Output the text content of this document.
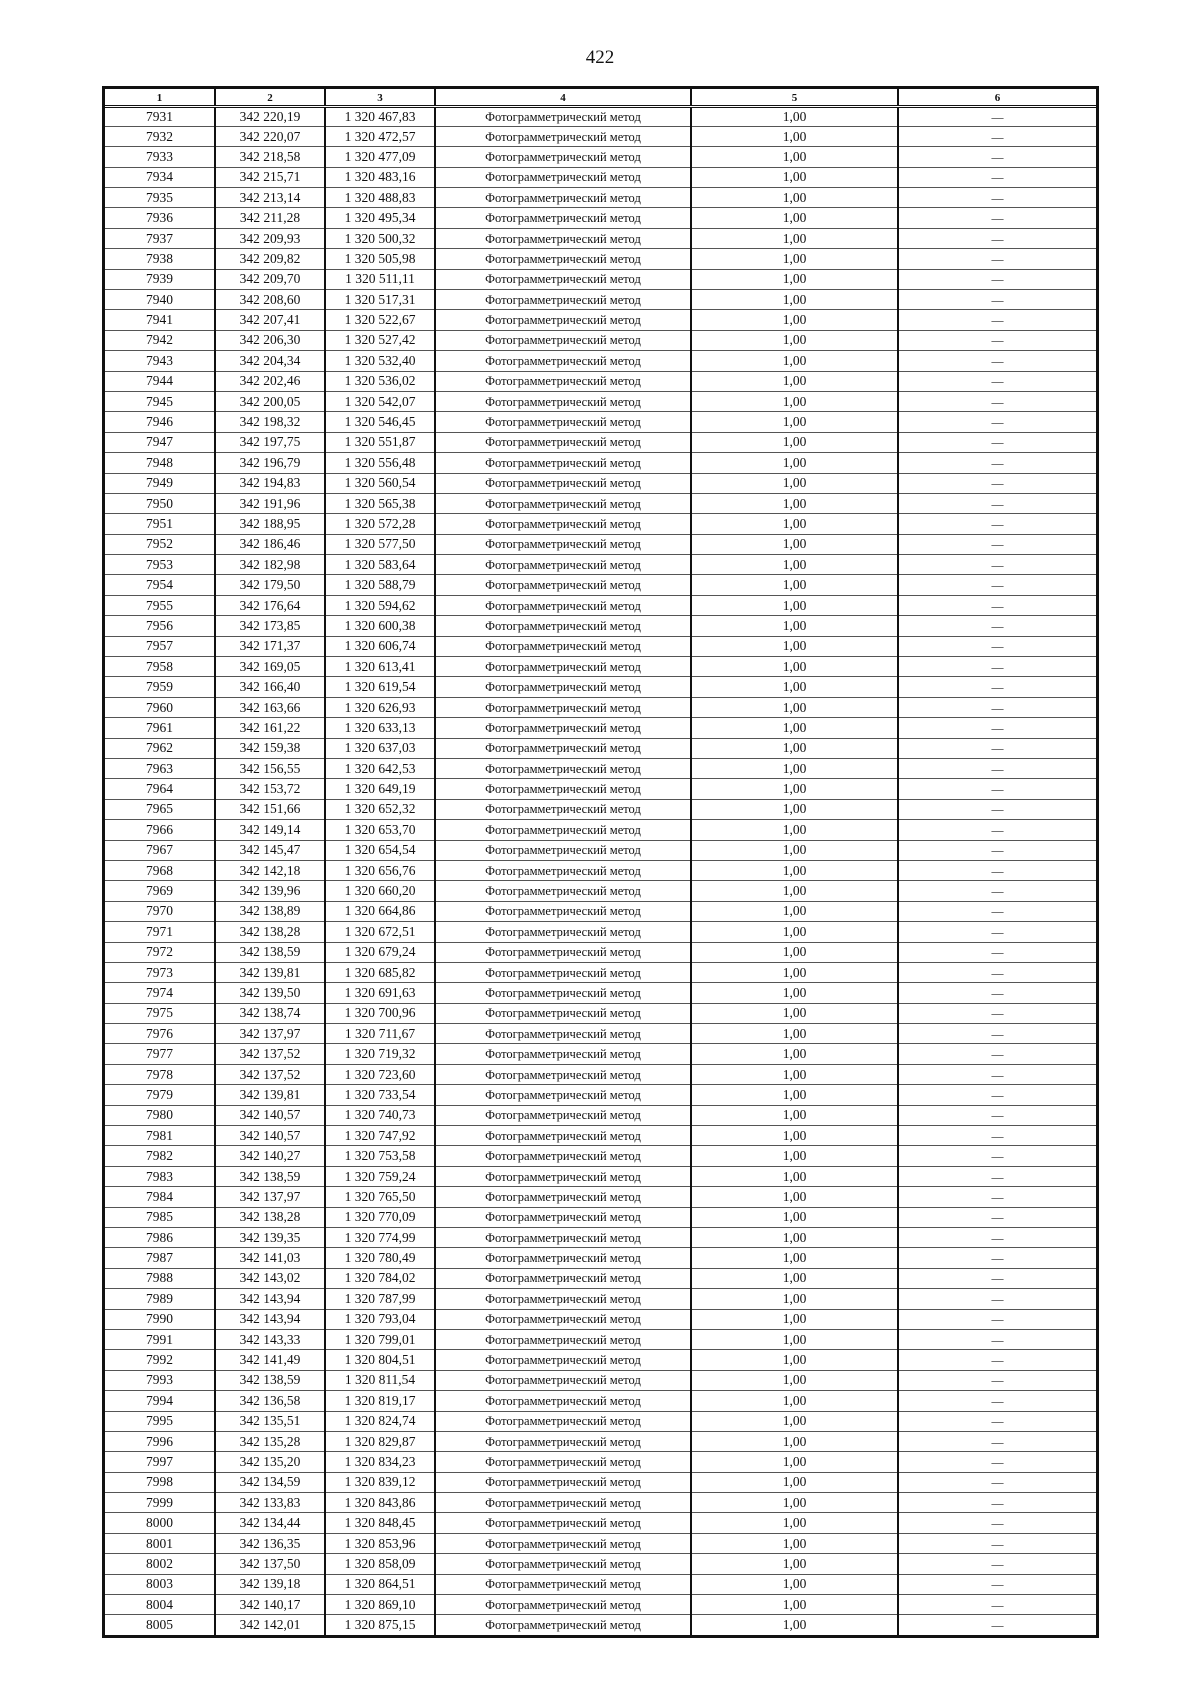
422
1	2	3	4	5	6
7931	342 220,19	1 320 467,83	Фотограмметрический метод	1,00	—
7932	342 220,07	1 320 472,57	Фотограмметрический метод	1,00	—
7933	342 218,58	1 320 477,09	Фотограмметрический метод	1,00	—
7934	342 215,71	1 320 483,16	Фотограмметрический метод	1,00	—
7935	342 213,14	1 320 488,83	Фотограмметрический метод	1,00	—
7936	342 211,28	1 320 495,34	Фотограмметрический метод	1,00	—
7937	342 209,93	1 320 500,32	Фотограмметрический метод	1,00	—
7938	342 209,82	1 320 505,98	Фотограмметрический метод	1,00	—
7939	342 209,70	1 320 511,11	Фотограмметрический метод	1,00	—
7940	342 208,60	1 320 517,31	Фотограмметрический метод	1,00	—
7941	342 207,41	1 320 522,67	Фотограмметрический метод	1,00	—
7942	342 206,30	1 320 527,42	Фотограмметрический метод	1,00	—
7943	342 204,34	1 320 532,40	Фотограмметрический метод	1,00	—
7944	342 202,46	1 320 536,02	Фотограмметрический метод	1,00	—
7945	342 200,05	1 320 542,07	Фотограмметрический метод	1,00	—
7946	342 198,32	1 320 546,45	Фотограмметрический метод	1,00	—
7947	342 197,75	1 320 551,87	Фотограмметрический метод	1,00	—
7948	342 196,79	1 320 556,48	Фотограмметрический метод	1,00	—
7949	342 194,83	1 320 560,54	Фотограмметрический метод	1,00	—
7950	342 191,96	1 320 565,38	Фотограмметрический метод	1,00	—
7951	342 188,95	1 320 572,28	Фотограмметрический метод	1,00	—
7952	342 186,46	1 320 577,50	Фотограмметрический метод	1,00	—
7953	342 182,98	1 320 583,64	Фотограмметрический метод	1,00	—
7954	342 179,50	1 320 588,79	Фотограмметрический метод	1,00	—
7955	342 176,64	1 320 594,62	Фотограмметрический метод	1,00	—
7956	342 173,85	1 320 600,38	Фотограмметрический метод	1,00	—
7957	342 171,37	1 320 606,74	Фотограмметрический метод	1,00	—
7958	342 169,05	1 320 613,41	Фотограмметрический метод	1,00	—
7959	342 166,40	1 320 619,54	Фотограмметрический метод	1,00	—
7960	342 163,66	1 320 626,93	Фотограмметрический метод	1,00	—
7961	342 161,22	1 320 633,13	Фотограмметрический метод	1,00	—
7962	342 159,38	1 320 637,03	Фотограмметрический метод	1,00	—
7963	342 156,55	1 320 642,53	Фотограмметрический метод	1,00	—
7964	342 153,72	1 320 649,19	Фотограмметрический метод	1,00	—
7965	342 151,66	1 320 652,32	Фотограмметрический метод	1,00	—
7966	342 149,14	1 320 653,70	Фотограмметрический метод	1,00	—
7967	342 145,47	1 320 654,54	Фотограмметрический метод	1,00	—
7968	342 142,18	1 320 656,76	Фотограмметрический метод	1,00	—
7969	342 139,96	1 320 660,20	Фотограмметрический метод	1,00	—
7970	342 138,89	1 320 664,86	Фотограмметрический метод	1,00	—
7971	342 138,28	1 320 672,51	Фотограмметрический метод	1,00	—
7972	342 138,59	1 320 679,24	Фотограмметрический метод	1,00	—
7973	342 139,81	1 320 685,82	Фотограмметрический метод	1,00	—
7974	342 139,50	1 320 691,63	Фотограмметрический метод	1,00	—
7975	342 138,74	1 320 700,96	Фотограмметрический метод	1,00	—
7976	342 137,97	1 320 711,67	Фотограмметрический метод	1,00	—
7977	342 137,52	1 320 719,32	Фотограмметрический метод	1,00	—
7978	342 137,52	1 320 723,60	Фотограмметрический метод	1,00	—
7979	342 139,81	1 320 733,54	Фотограмметрический метод	1,00	—
7980	342 140,57	1 320 740,73	Фотограмметрический метод	1,00	—
7981	342 140,57	1 320 747,92	Фотограмметрический метод	1,00	—
7982	342 140,27	1 320 753,58	Фотограмметрический метод	1,00	—
7983	342 138,59	1 320 759,24	Фотограмметрический метод	1,00	—
7984	342 137,97	1 320 765,50	Фотограмметрический метод	1,00	—
7985	342 138,28	1 320 770,09	Фотограмметрический метод	1,00	—
7986	342 139,35	1 320 774,99	Фотограмметрический метод	1,00	—
7987	342 141,03	1 320 780,49	Фотограмметрический метод	1,00	—
7988	342 143,02	1 320 784,02	Фотограмметрический метод	1,00	—
7989	342 143,94	1 320 787,99	Фотограмметрический метод	1,00	—
7990	342 143,94	1 320 793,04	Фотограмметрический метод	1,00	—
7991	342 143,33	1 320 799,01	Фотограмметрический метод	1,00	—
7992	342 141,49	1 320 804,51	Фотограмметрический метод	1,00	—
7993	342 138,59	1 320 811,54	Фотограмметрический метод	1,00	—
7994	342 136,58	1 320 819,17	Фотограмметрический метод	1,00	—
7995	342 135,51	1 320 824,74	Фотограмметрический метод	1,00	—
7996	342 135,28	1 320 829,87	Фотограмметрический метод	1,00	—
7997	342 135,20	1 320 834,23	Фотограмметрический метод	1,00	—
7998	342 134,59	1 320 839,12	Фотограмметрический метод	1,00	—
7999	342 133,83	1 320 843,86	Фотограмметрический метод	1,00	—
8000	342 134,44	1 320 848,45	Фотограмметрический метод	1,00	—
8001	342 136,35	1 320 853,96	Фотограмметрический метод	1,00	—
8002	342 137,50	1 320 858,09	Фотограмметрический метод	1,00	—
8003	342 139,18	1 320 864,51	Фотограмметрический метод	1,00	—
8004	342 140,17	1 320 869,10	Фотограмметрический метод	1,00	—
8005	342 142,01	1 320 875,15	Фотограмметрический метод	1,00	—
